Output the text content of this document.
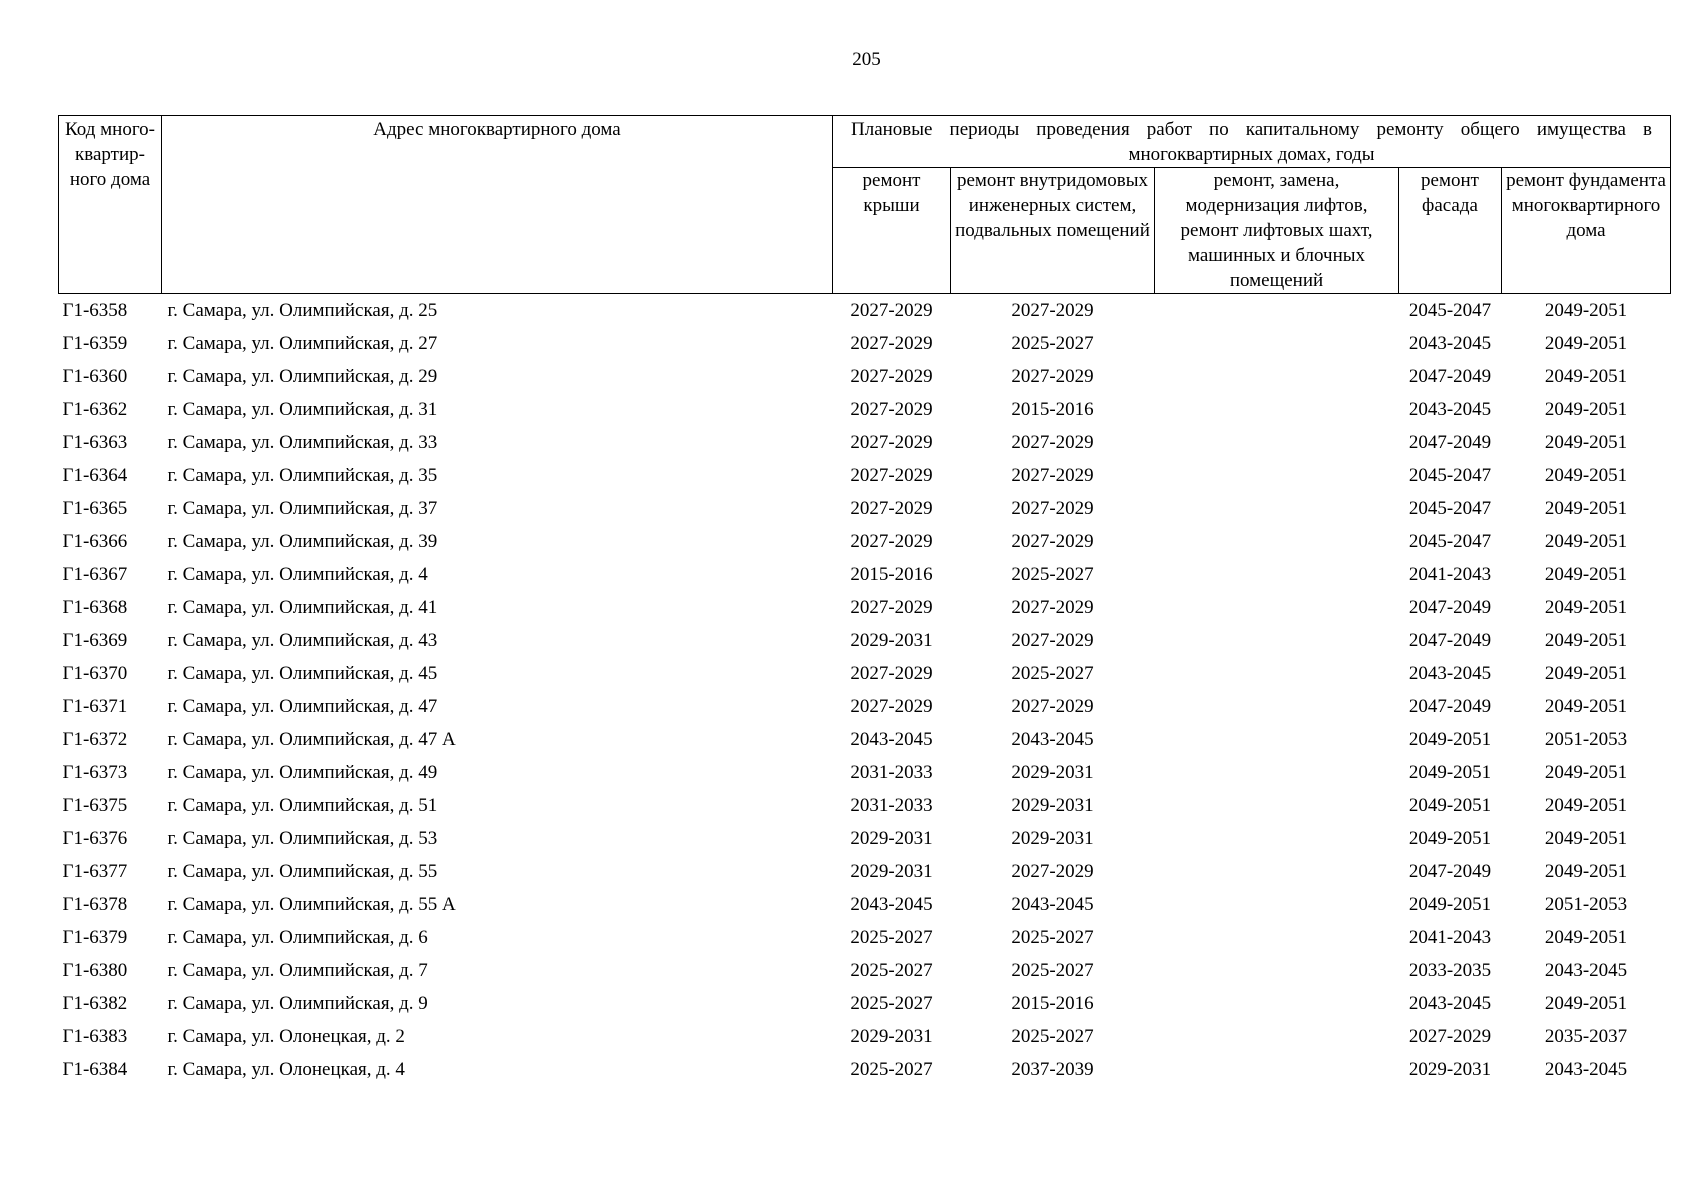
205
Код много-квартир-ного дома	Адрес многоквартирного дома	Плановые периоды проведения работ по капитальному ремонту общего имущества в
многоквартирных домах, годы				

		ремонт крыши	ремонт внутридомовых инженерных систем, подвальных помещений	ремонт, замена, модернизация лифтов, ремонт лифтовых шахт, машинных и блочных помещений	ремонт фасада	ремонт фундамента многоквартирного дома
Г1-6358	г. Самара, ул. Олимпийская, д. 25	2027-2029	2027-2029		2045-2047	2049-2051
Г1-6359	г. Самара, ул. Олимпийская, д. 27	2027-2029	2025-2027		2043-2045	2049-2051
Г1-6360	г. Самара, ул. Олимпийская, д. 29	2027-2029	2027-2029		2047-2049	2049-2051
Г1-6362	г. Самара, ул. Олимпийская, д. 31	2027-2029	2015-2016		2043-2045	2049-2051
Г1-6363	г. Самара, ул. Олимпийская, д. 33	2027-2029	2027-2029		2047-2049	2049-2051
Г1-6364	г. Самара, ул. Олимпийская, д. 35	2027-2029	2027-2029		2045-2047	2049-2051
Г1-6365	г. Самара, ул. Олимпийская, д. 37	2027-2029	2027-2029		2045-2047	2049-2051
Г1-6366	г. Самара, ул. Олимпийская, д. 39	2027-2029	2027-2029		2045-2047	2049-2051
Г1-6367	г. Самара, ул. Олимпийская, д. 4	2015-2016	2025-2027		2041-2043	2049-2051
Г1-6368	г. Самара, ул. Олимпийская, д. 41	2027-2029	2027-2029		2047-2049	2049-2051
Г1-6369	г. Самара, ул. Олимпийская, д. 43	2029-2031	2027-2029		2047-2049	2049-2051
Г1-6370	г. Самара, ул. Олимпийская, д. 45	2027-2029	2025-2027		2043-2045	2049-2051
Г1-6371	г. Самара, ул. Олимпийская, д. 47	2027-2029	2027-2029		2047-2049	2049-2051
Г1-6372	г. Самара, ул. Олимпийская, д. 47 А	2043-2045	2043-2045		2049-2051	2051-2053
Г1-6373	г. Самара, ул. Олимпийская, д. 49	2031-2033	2029-2031		2049-2051	2049-2051
Г1-6375	г. Самара, ул. Олимпийская, д. 51	2031-2033	2029-2031		2049-2051	2049-2051
Г1-6376	г. Самара, ул. Олимпийская, д. 53	2029-2031	2029-2031		2049-2051	2049-2051
Г1-6377	г. Самара, ул. Олимпийская, д. 55	2029-2031	2027-2029		2047-2049	2049-2051
Г1-6378	г. Самара, ул. Олимпийская, д. 55 А	2043-2045	2043-2045		2049-2051	2051-2053
Г1-6379	г. Самара, ул. Олимпийская, д. 6	2025-2027	2025-2027		2041-2043	2049-2051
Г1-6380	г. Самара, ул. Олимпийская, д. 7	2025-2027	2025-2027		2033-2035	2043-2045
Г1-6382	г. Самара, ул. Олимпийская, д. 9	2025-2027	2015-2016		2043-2045	2049-2051
Г1-6383	г. Самара, ул. Олонецкая, д. 2	2029-2031	2025-2027		2027-2029	2035-2037
Г1-6384	г. Самара, ул. Олонецкая, д. 4	2025-2027	2037-2039		2029-2031	2043-2045
